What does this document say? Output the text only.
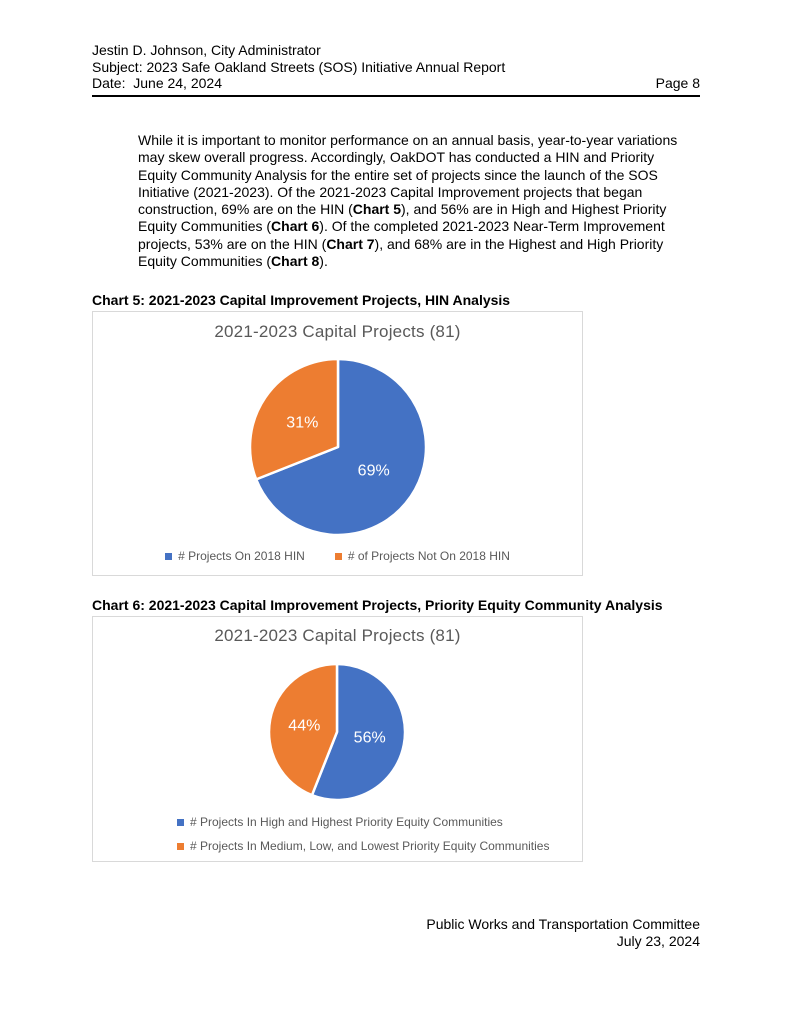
Jestin D. Johnson, City Administrator
Subject: 2023 Safe Oakland Streets (SOS) Initiative Annual Report
Date:  June 24, 2024	Page 8
While it is important to monitor performance on an annual basis, year-to-year variations
may skew overall progress. Accordingly, OakDOT has conducted a HIN and Priority
Equity Community Analysis for the entire set of projects since the launch of the SOS
Initiative (2021-2023). Of the 2021-2023 Capital Improvement projects that began
construction, 69% are on the HIN (Chart 5), and 56% are in High and Highest Priority
Equity Communities (Chart 6). Of the completed 2021-2023 Near-Term Improvement
projects, 53% are on the HIN (Chart 7), and 68% are in the Highest and High Priority
Equity Communities (Chart 8).
Chart 5: 2021-2023 Capital Improvement Projects, HIN Analysis
2021-2023 Capital Projects (81)
69%
31%
# Projects On 2018 HIN	# of Projects Not On 2018 HIN
Chart 6: 2021-2023 Capital Improvement Projects, Priority Equity Community Analysis
2021-2023 Capital Projects (81)
56%
44%
# Projects In High and Highest Priority Equity Communities
# Projects In Medium, Low, and Lowest Priority Equity Communities
Public Works and Transportation Committee
July 23, 2024
